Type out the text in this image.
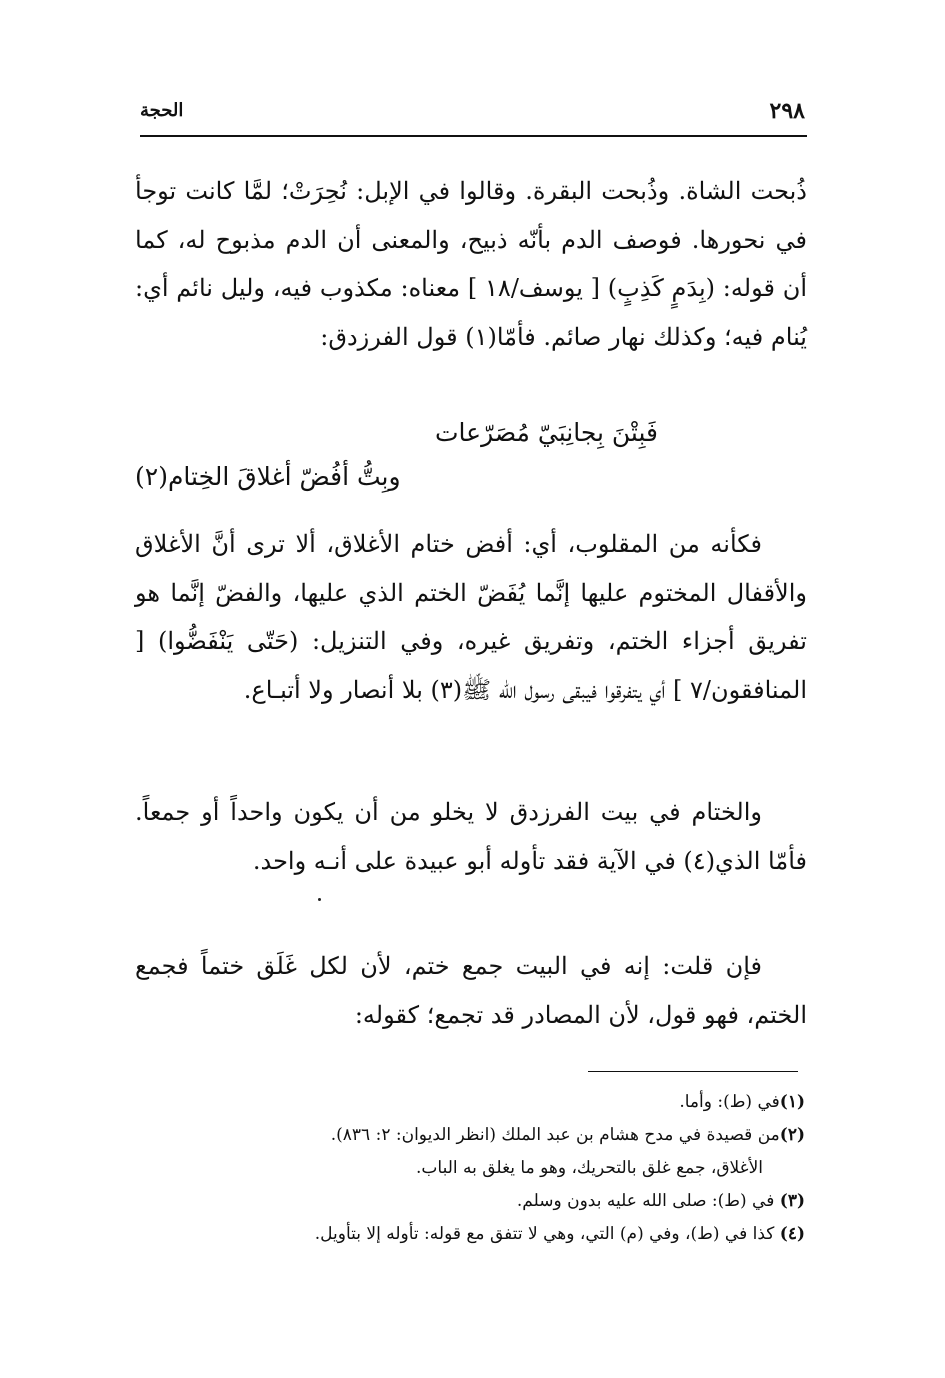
٢٩٨
الحجة
ذُبحت الشاة. وذُبحت البقرة. وقالوا في الإبل: نُحِرَتْ؛ لمَّا كانت توجأ في نحورها. فوصف الدم بأنّه ذبيح، والمعنى أن الدم مذبوح له، كما أن قوله: (بِدَمٍ كَذِبٍ) [ يوسف/١٨ ] معناه: مكذوب فيه، وليل نائم أي: يُنام فيه؛ وكذلك نهار صائم. فأمّا(١) قول الفرزدق:
فَبِتْنَ بِجانِبَيّ مُصَرّعات
وبِتُّ أفُضّ أغلاقَ الخِتام(٢)
فكأنه من المقلوب، أي: أفض ختام الأغلاق، ألا ترى أنَّ الأغلاق والأقفال المختوم عليها إنَّما يُفَضّ الختم الذي عليها، والفضّ إنَّما هو تفريق أجزاء الختم، وتفريق غيره، وفي التنزيل: (حَتّى يَنْفَضُّوا) [ المنافقون/٧ ] أي يتفرقوا فيبقى رسول الله ﷺ(٣) بلا أنصار ولا أتبـاع.
والختام في بيت الفرزدق لا يخلو من أن يكون واحداً أو جمعاً. فأمّا الذي(٤) في الآية فقد تأوله أبو عبيدة على أنـه واحد.
فإن قلت: إنه في البيت جمع ختم، لأن لكل غَلَق ختماً فجمع الختم، فهو قول، لأن المصادر قد تجمع؛ كقوله:
(١)في (ط): وأما.
(٢)من قصيدة في مدح هشام بن عبد الملك (انظر الديوان: ٢: ٨٣٦).
الأغلاق، جمع غلق بالتحريك، وهو ما يغلق به الباب.
(٣) في (ط): صلى الله عليه بدون وسلم.
(٤) كذا في (ط)، وفي (م) التي، وهي لا تتفق مع قوله: تأوله إلا بتأويل.
